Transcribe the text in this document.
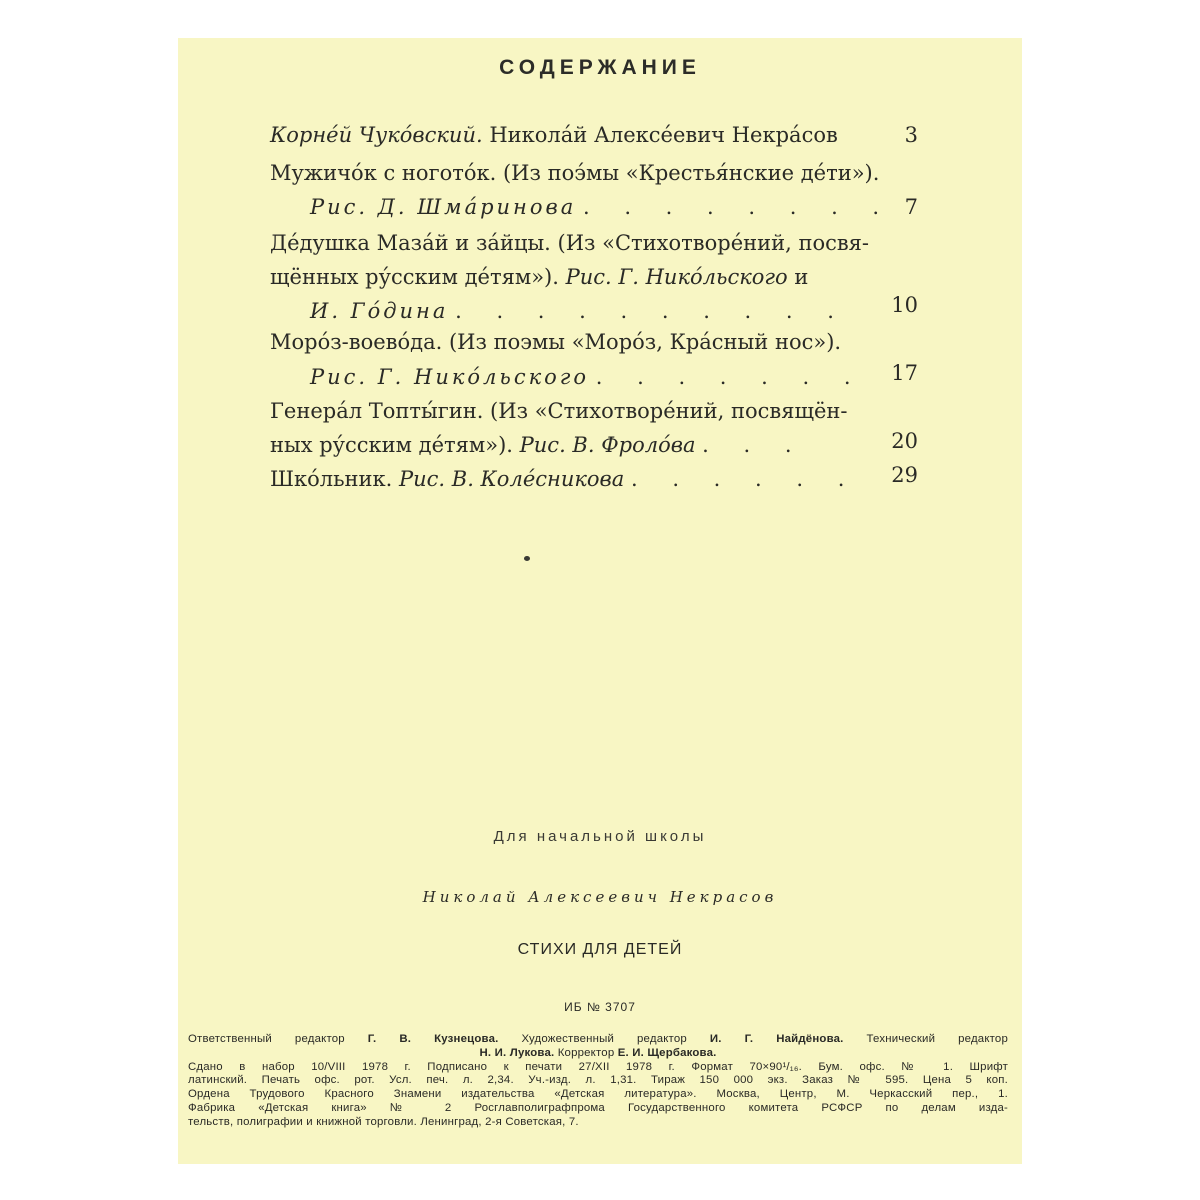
СОДЕРЖАНИЕ
Корне́й Чуко́вский. Никола́й Алексе́евич Некра́сов	3
Мужичо́к с ногото́к. (Из поэ́мы «Крестья́нские де́ти»).
Рис. Д. Шма́ринова . . . . . . . . 7
Де́душка Маза́й и за́йцы. (Из «Стихотворе́ний, посвя-
щённых ру́сским де́тям»). Рис. Г. Нико́льского и
И. Го́дина . . . . . . . . . .	10
Моро́з-воево́да. (Из поэмы «Моро́з, Кра́сный нос»).
Рис. Г. Нико́льского . . . . . . .	17
Генера́л Топты́гин. (Из «Стихотворе́ний, посвящён-
ных ру́сским де́тям»). Рис. В. Фроло́ва . . .	20
Шко́льник. Рис. В. Коле́сникова . . . . . .	29
Для начальной школы
Николай Алексеевич Некрасов
СТИХИ ДЛЯ ДЕТЕЙ
ИБ № 3707
Ответственный редактор Г. В. Кузнецова. Художественный редактор И. Г. Найдёнова. Технический редактор
Н. И. Лукова. Корректор Е. И. Щербакова.
Сдано в набор 10/VIII 1978 г. Подписано к печати 27/XII 1978 г. Формат 70×90¹/₁₆. Бум. офс. № 1. Шрифт
латинский. Печать офс. рот. Усл. печ. л. 2,34. Уч.-изд. л. 1,31. Тираж 150 000 экз. Заказ № 595. Цена 5 коп.
Ордена Трудового Красного Знамени издательства «Детская литература». Москва, Центр, М. Черкасский пер., 1.
Фабрика «Детская книга» № 2 Росглавполиграфпрома Государственного комитета РСФСР по делам изда-
тельств, полиграфии и книжной торговли. Ленинград, 2-я Советская, 7.
